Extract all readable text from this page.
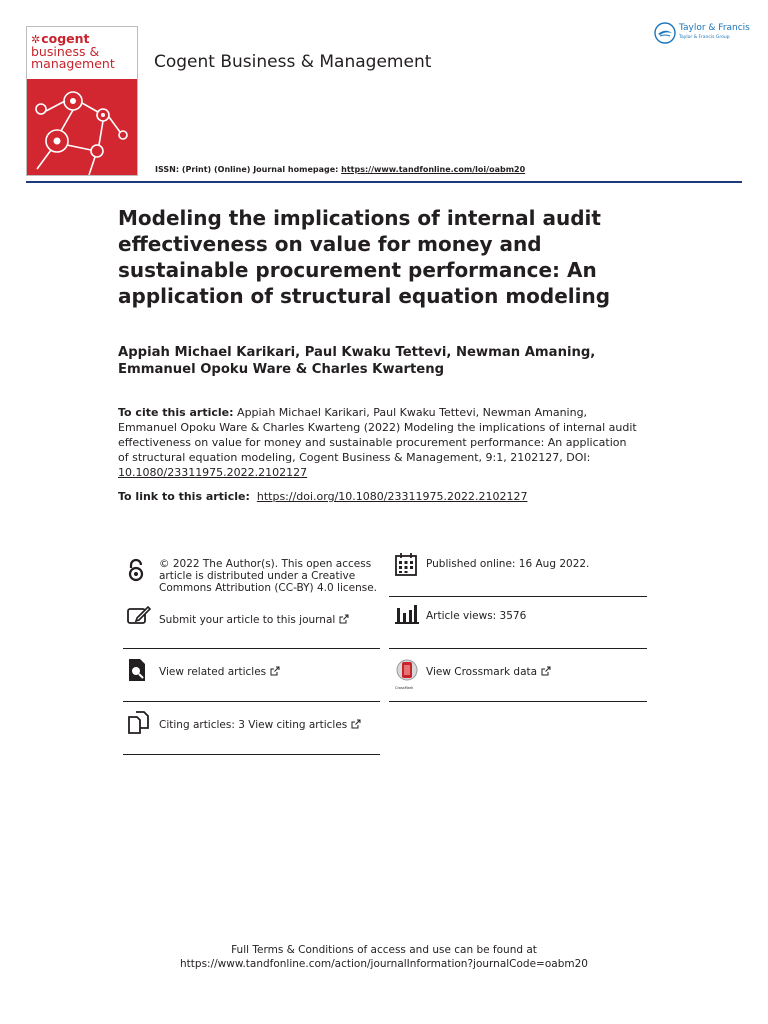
✲cogent
business &
management Cogent Business & Management
Taylor & Francis
Taylor & Francis Group
ISSN: (Print) (Online) Journal homepage: https://www.tandfonline.com/loi/oabm20
Modeling the implications of internal audit effectiveness on value for money and sustainable procurement performance: An application of structural equation modeling
Appiah Michael Karikari, Paul Kwaku Tettevi, Newman Amaning, Emmanuel Opoku Ware & Charles Kwarteng
To cite this article: Appiah Michael Karikari, Paul Kwaku Tettevi, Newman Amaning, Emmanuel Opoku Ware & Charles Kwarteng (2022) Modeling the implications of internal audit effectiveness on value for money and sustainable procurement performance: An application of structural equation modeling, Cogent Business & Management, 9:1, 2102127, DOI: 10.1080/23311975.2022.2102127
To link to this article: https://doi.org/10.1080/23311975.2022.2102127
© 2022 The Author(s). This open access
article is distributed under a Creative
Commons Attribution (CC-BY) 4.0 license.
Submit your article to this journal
View related articles
Citing articles: 3 View citing articles
Published online: 16 Aug 2022.
Article views: 3576
CrossMark
View Crossmark data
Full Terms & Conditions of access and use can be found at
https://www.tandfonline.com/action/journalInformation?journalCode=oabm20
